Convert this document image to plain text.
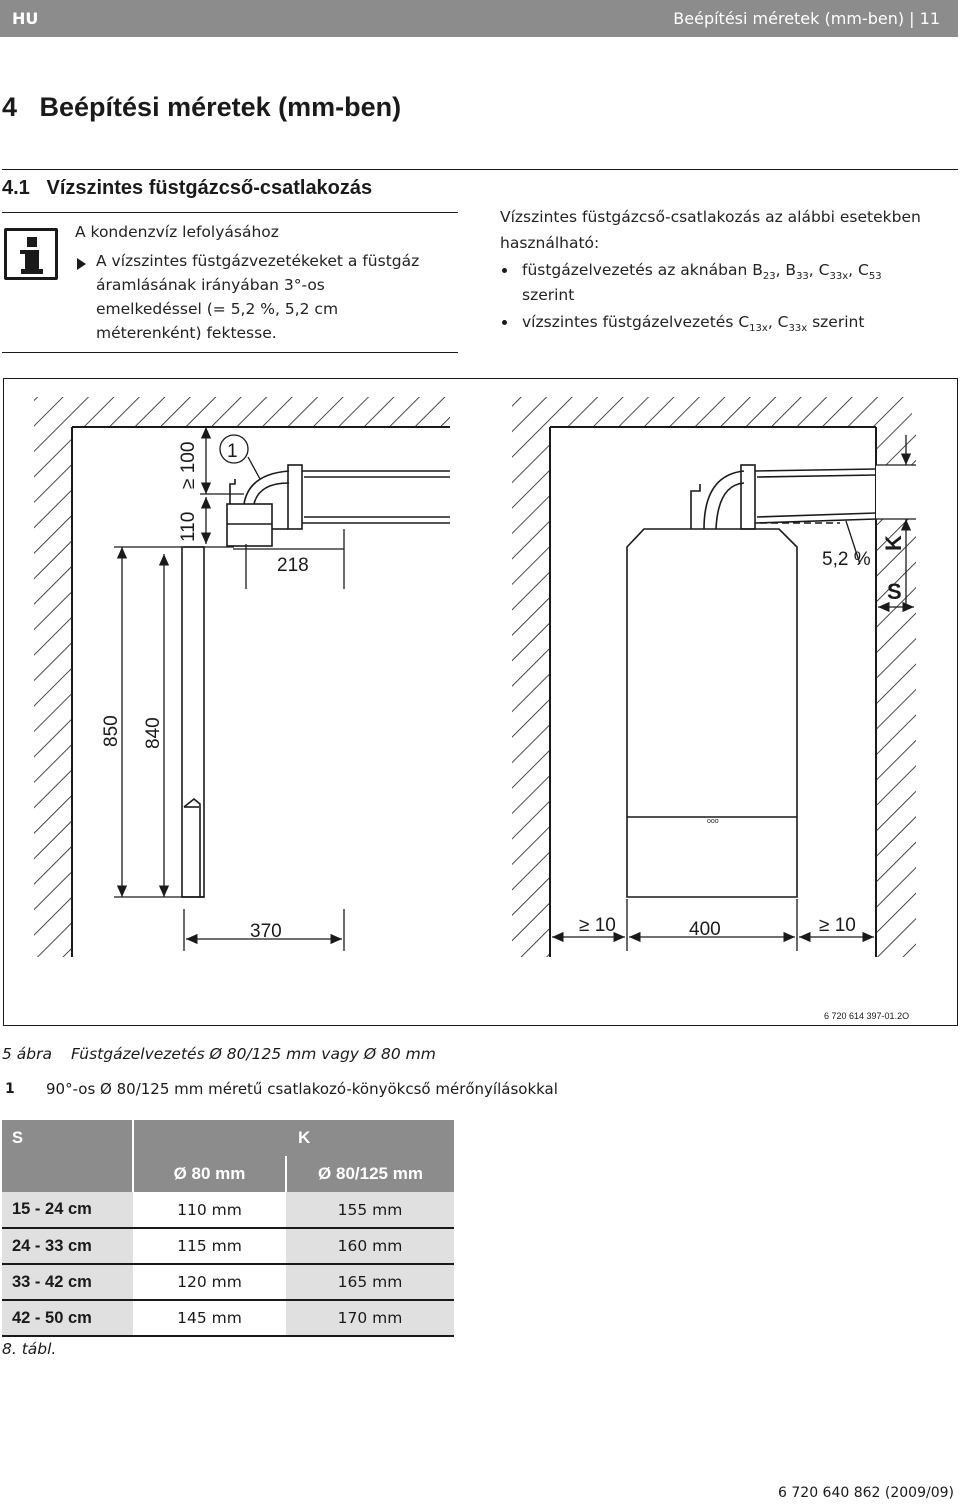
HU	Beépítési méretek (mm-ben) | 11
4   Beépítési méretek (mm-ben)
4.1   Vízszintes füstgázcső-csatlakozás
A kondenzvíz lefolyásához
A vízszintes füstgázvezetékeket a füstgáz
áramlásának irányában 3°-os
emelkedéssel (= 5,2 %, 5,2 cm
méterenként) fektesse.
Vízszintes füstgázcső-csatlakozás az alábbi esetekben
használható:
füstgázelvezetés az aknában $B_{23}$, $B_{33}$, $C_{33x}$, $C_{53}$
szerint
vízszintes füstgázelvezetés $C_{13x}$, $C_{33x}$ szerint
1
≥ 100
110
218
850 840
370
5,2 %
K
S
≥ 10	400	≥ 10
ooo
6 720 614 397-01.2O
5 ábra Füstgázelvezetés Ø 80/125 mm vagy Ø 80 mm
1 90°-os Ø 80/125 mm méretű csatlakozó-könyökcső mérőnyílásokkal
S	K	
	Ø 80 mm	Ø 80/125 mm
15 - 24 cm	110 mm	155 mm
24 - 33 cm	115 mm	160 mm
33 - 42 cm	120 mm	165 mm
42 - 50 cm	145 mm	170 mm
8. tábl.
6 720 640 862 (2009/09)
